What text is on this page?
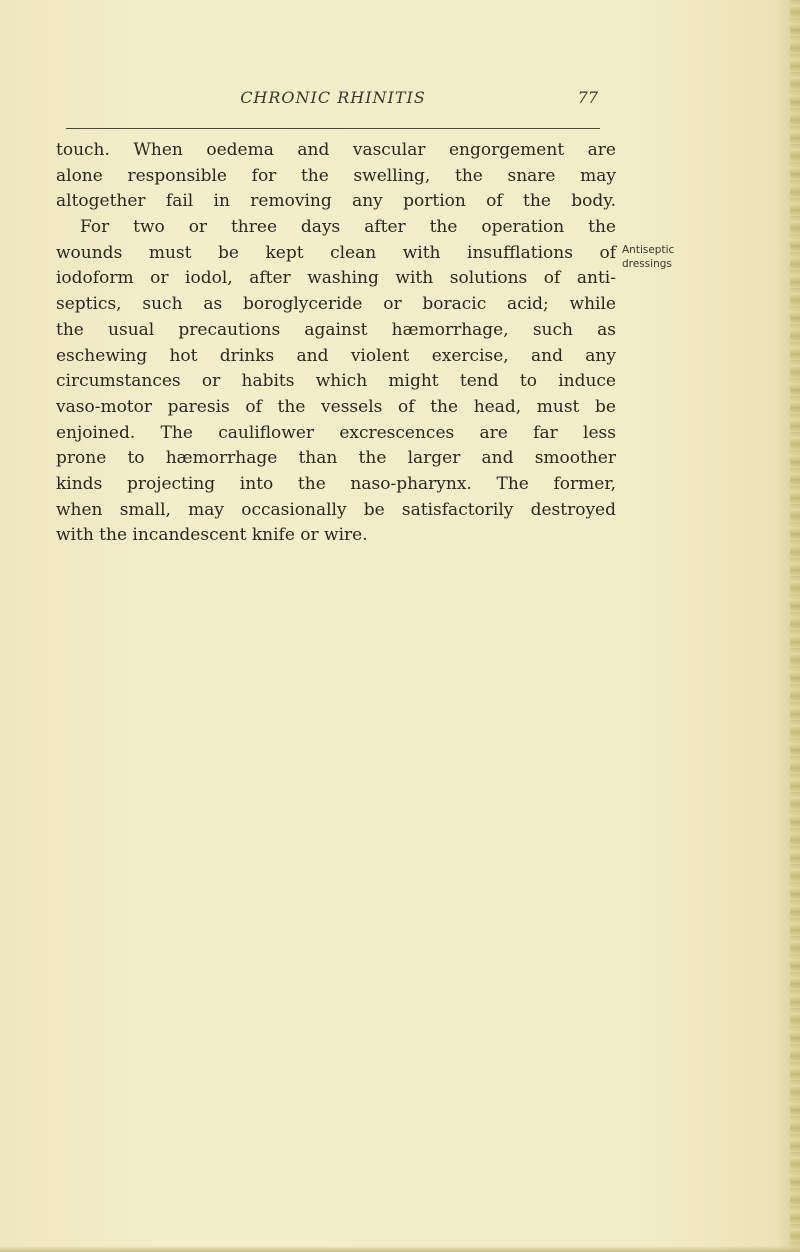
CHRONIC RHINITIS	77
touch. When oedema and vascular engorgement are
alone responsible for the swelling, the snare may
altogether fail in removing any portion of the body.
For two or three days after the operation the
wounds must be kept clean with insufflations of
iodoform or iodol, after washing with solutions of anti-
septics, such as boroglyceride or boracic acid; while
the usual precautions against hæmorrhage, such as
eschewing hot drinks and violent exercise, and any
circumstances or habits which might tend to induce
vaso-motor paresis of the vessels of the head, must be
enjoined. The cauliflower excrescences are far less
prone to hæmorrhage than the larger and smoother
kinds projecting into the naso-pharynx. The former,
when small, may occasionally be satisfactorily destroyed
with the incandescent knife or wire.
Antiseptic
dressings
